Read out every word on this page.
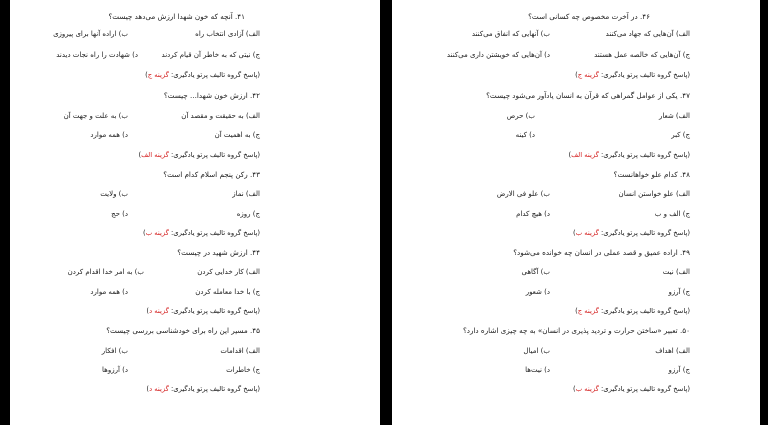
۴۱. آنچه که خون شهدا ارزش می‌دهد چیست؟
الف) آزادی انتخاب راه
ب) اراده آنها برای پیروزی
ج) نیتی که به خاطر آن قیام کردند
د) شهادت را راه نجات دیدند
(پاسخ گروه تالیف پرتو یادگیری: گزینه ج)
۴۲. ارزش خون شهدا... چیست؟
الف) به حقیقت و مقصد آن
ب) به علت و جهت آن
ج) به اهمیت آن
د) همه موارد
(پاسخ گروه تالیف پرتو یادگیری: گزینه الف)
۴۳. رکن پنجم اسلام کدام است؟
الف) نماز
ب) ولایت
ج) روزه
د) حج
(پاسخ گروه تالیف پرتو یادگیری: گزینه ب)
۴۴. ارزش شهید در چیست؟
الف) کار خدایی کردن
ب) به امر خدا اقدام کردن
ج) با خدا معامله کردن
د) همه موارد
(پاسخ گروه تالیف پرتو یادگیری: گزینه د)
۴۵. مسیر این راه برای خودشناسی بررسی چیست؟
الف) اقدامات
ب) افکار
ج) خاطرات
د) آرزوها
(پاسخ گروه تالیف پرتو یادگیری: گزینه د)
۴۶. در آخرت مخصوص چه کسانی است؟
الف) آن‌هایی که جهاد می‌کنند
ب) آنهایی که انفاق می‌کنند
ج) آن‌هایی که خالصه عمل هستند
د) آن‌هایی که خویشتن داری می‌کنند
(پاسخ گروه تالیف پرتو یادگیری: گزینه ج)
۴۷. یکی از عوامل گمراهی که قرآن به انسان یادآور می‌شود چیست؟
الف) شعار
ب) حرص
ج) کبر
د) کینه
(پاسخ گروه تالیف پرتو یادگیری: گزینه الف)
۴۸. کدام علو خواهانست؟
الف) علو خواستن انسان
ب) علو فی الارض
ج) الف و ب
د) هیچ کدام
(پاسخ گروه تالیف پرتو یادگیری: گزینه ب)
۴۹. اراده عمیق و قصد عملی در انسان چه خوانده می‌شود؟
الف) نیت
ب) آگاهی
ج) آرزو
د) شعور
(پاسخ گروه تالیف پرتو یادگیری: گزینه ج)
۵۰. تعبیر «ساختن حرارت و تردید پذیری در انسان» به چه چیزی اشاره دارد؟
الف) اهداف
ب) امیال
ج) آرزو
د) نیت‌ها
(پاسخ گروه تالیف پرتو یادگیری: گزینه ب)
